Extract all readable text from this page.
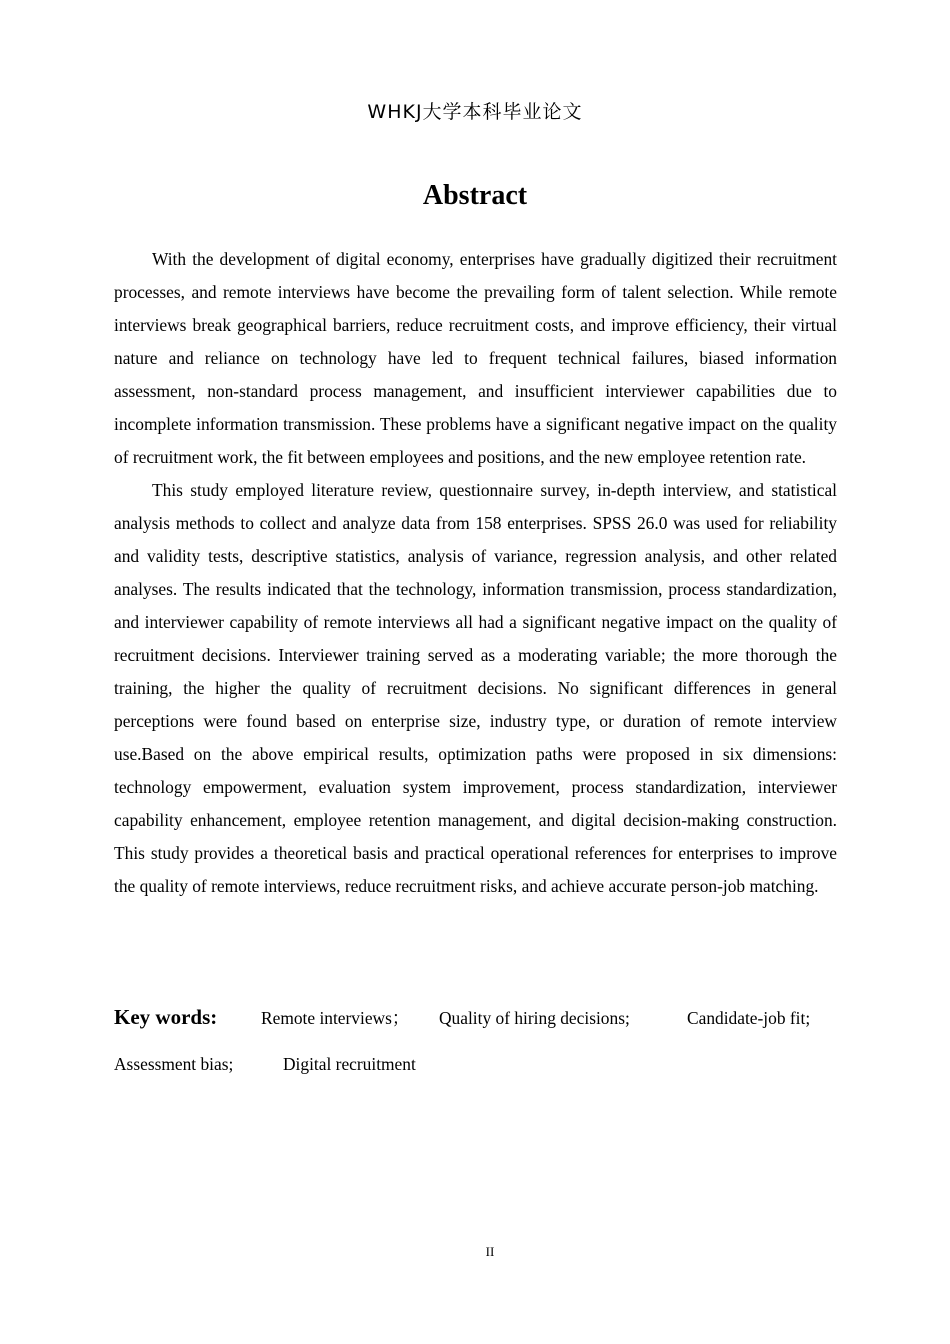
WHKJ大学本科毕业论文
Abstract

With the development of digital economy, enterprises have gradually digitized their recruitment processes, and remote interviews have become the prevailing form of talent selection. While remote interviews break geographical barriers, reduce recruitment costs, and improve efficiency, their virtual nature and reliance on technology have led to frequent technical failures, biased information assessment, non-standard process management, and insufficient interviewer capabilities due to incomplete information transmission. These problems have a significant negative impact on the quality of recruitment work, the fit between employees and positions, and the new employee retention rate.

This study employed literature review, questionnaire survey, in-depth interview, and statistical analysis methods to collect and analyze data from 158 enterprises. SPSS 26.0 was used for reliability and validity tests, descriptive statistics, analysis of variance, regression analysis, and other related analyses. The results indicated that the technology, information transmission, process standardization, and interviewer capability of remote interviews all had a significant negative impact on the quality of recruitment decisions. Interviewer training served as a moderating variable; the more thorough the training, the higher the quality of recruitment decisions. No significant differences in general perceptions were found based on enterprise size, industry type, or duration of remote interview use.Based on the above empirical results, optimization paths were proposed in six dimensions: technology empowerment, evaluation system improvement, process standardization, interviewer capability enhancement, employee retention management, and digital decision-making construction. This study provides a theoretical basis and practical operational references for enterprises to improve the quality of remote interviews, reduce recruitment risks, and achieve accurate person-job matching.

Key words:	Remote interviews；	Quality of hiring decisions;	Candidate-job fit;
Assessment bias;	Digital recruitment
II
